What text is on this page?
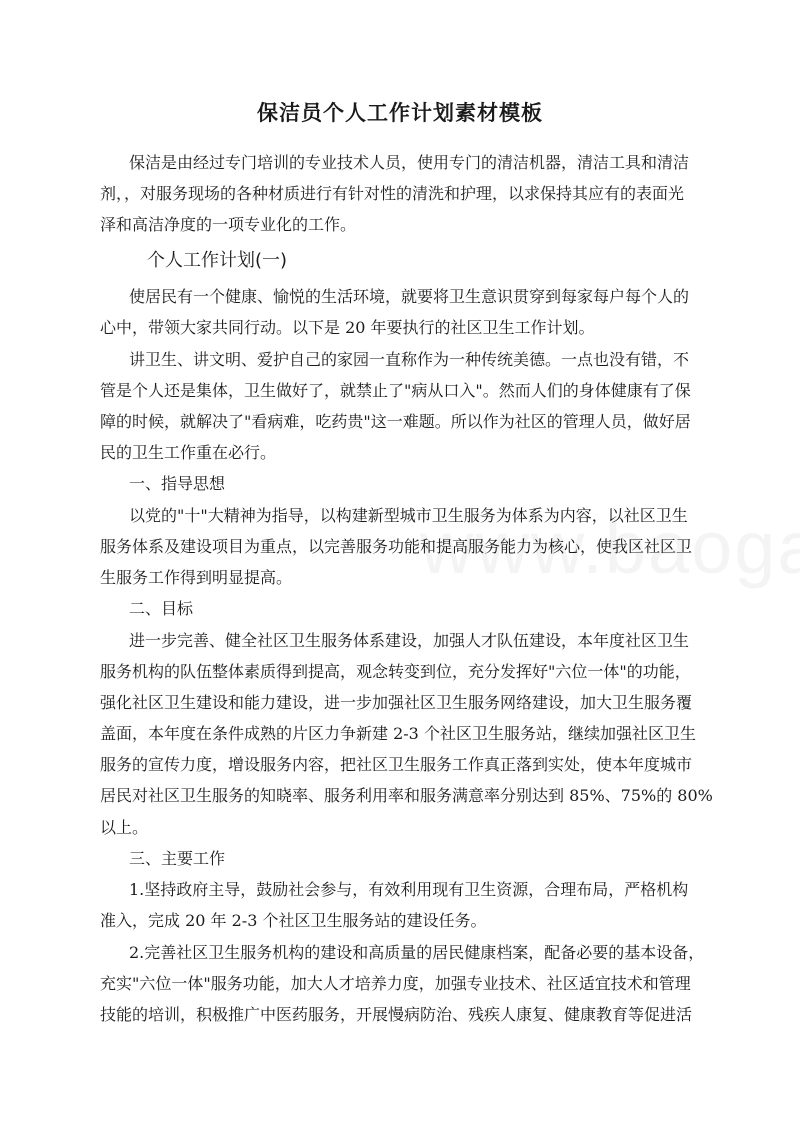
保洁员个人工作计划素材模板
保洁是由经过专门培训的专业技术人员，使用专门的清洁机器，清洁工具和清洁
剂，，对服务现场的各种材质进行有针对性的清洗和护理，以求保持其应有的表面光
泽和高洁净度的一项专业化的工作。
个人工作计划(一)
使居民有一个健康、愉悦的生活环境，就要将卫生意识贯穿到每家每户每个人的
心中，带领大家共同行动。以下是 20 年要执行的社区卫生工作计划。
讲卫生、讲文明、爱护自己的家园一直称作为一种传统美德。一点也没有错，不
管是个人还是集体，卫生做好了，就禁止了"病从口入"。然而人们的身体健康有了保
障的时候，就解决了"看病难，吃药贵"这一难题。所以作为社区的管理人员，做好居
民的卫生工作重在必行。
一、指导思想
以党的"十"大精神为指导，以构建新型城市卫生服务为体系为内容，以社区卫生
服务体系及建设项目为重点，以完善服务功能和提高服务能力为核心，使我区社区卫
生服务工作得到明显提高。
二、目标
进一步完善、健全社区卫生服务体系建设，加强人才队伍建设，本年度社区卫生
服务机构的队伍整体素质得到提高，观念转变到位，充分发挥好"六位一体"的功能，
强化社区卫生建设和能力建设，进一步加强社区卫生服务网络建设，加大卫生服务覆
盖面，本年度在条件成熟的片区力争新建 2-3 个社区卫生服务站，继续加强社区卫生
服务的宣传力度，增设服务内容，把社区卫生服务工作真正落到实处，使本年度城市
居民对社区卫生服务的知晓率、服务利用率和服务满意率分别达到 85%、75%的 80%
以上。
三、主要工作
1.坚持政府主导，鼓励社会参与，有效利用现有卫生资源，合理布局，严格机构
准入，完成 20 年 2-3 个社区卫生服务站的建设任务。
2.完善社区卫生服务机构的建设和高质量的居民健康档案，配备必要的基本设备，
充实"六位一体"服务功能，加大人才培养力度，加强专业技术、社区适宜技术和管理
技能的培训，积极推广中医药服务，开展慢病防治、残疾人康复、健康教育等促进活
